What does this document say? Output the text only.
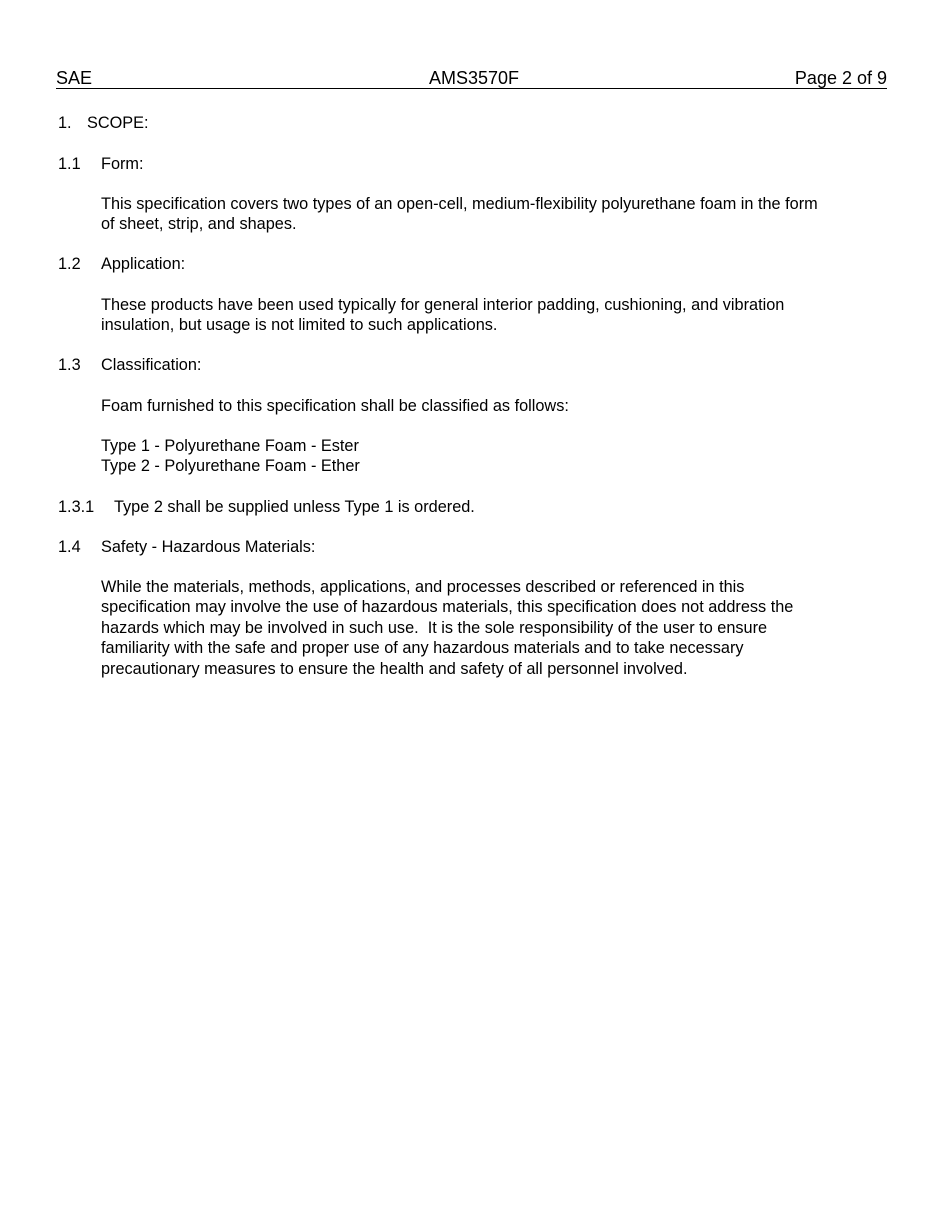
SAE	AMS3570F	Page 2 of 9
1. SCOPE:
1.1 Form:
This specification covers two types of an open-cell, medium-flexibility polyurethane foam in the form
of sheet, strip, and shapes.
1.2 Application:
These products have been used typically for general interior padding, cushioning, and vibration
insulation, but usage is not limited to such applications.
1.3 Classification:
Foam furnished to this specification shall be classified as follows:
Type 1 - Polyurethane Foam - Ester
Type 2 - Polyurethane Foam - Ether
1.3.1 Type 2 shall be supplied unless Type 1 is ordered.
1.4 Safety - Hazardous Materials:
While the materials, methods, applications, and processes described or referenced in this
specification may involve the use of hazardous materials, this specification does not address the
hazards which may be involved in such use.  It is the sole responsibility of the user to ensure
familiarity with the safe and proper use of any hazardous materials and to take necessary
precautionary measures to ensure the health and safety of all personnel involved.
